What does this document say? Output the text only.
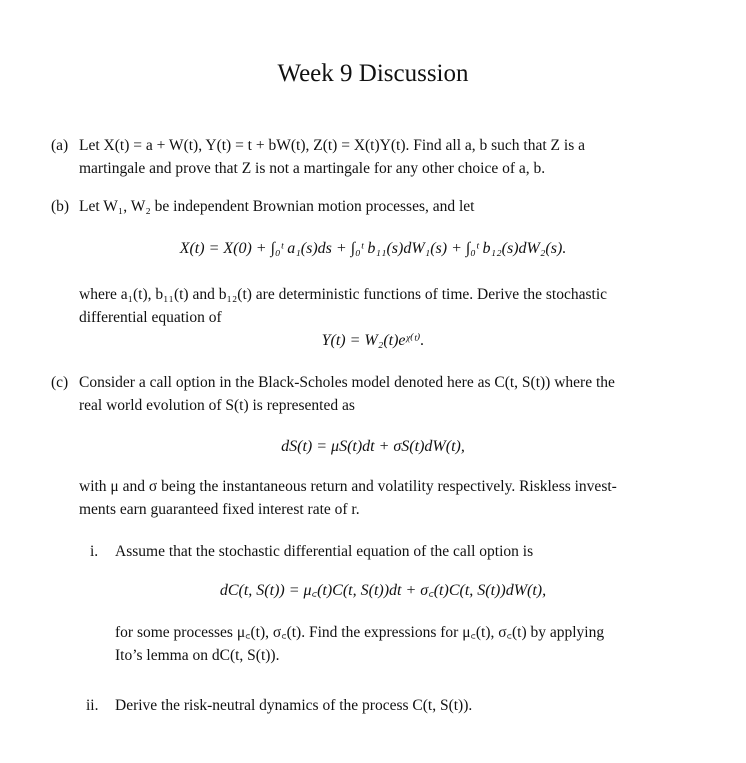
Week 9 Discussion
(a) Let X(t) = a + W(t), Y(t) = t + bW(t), Z(t) = X(t)Y(t). Find all a, b such that Z is a
martingale and prove that Z is not a martingale for any other choice of a, b.
(b) Let W₁, W₂ be independent Brownian motion processes, and let
X(t) = X(0) + ∫₀ᵗ a₁(s)ds + ∫₀ᵗ b₁₁(s)dW₁(s) + ∫₀ᵗ b₁₂(s)dW₂(s).
where a₁(t), b₁₁(t) and b₁₂(t) are deterministic functions of time. Derive the stochastic
differential equation of
Y(t) = W₂(t)eᵡ⁽ᵗ⁾.
(c) Consider a call option in the Black-Scholes model denoted here as C(t, S(t)) where the
real world evolution of S(t) is represented as
dS(t) = μS(t)dt + σS(t)dW(t),
with μ and σ being the instantaneous return and volatility respectively. Riskless invest-
ments earn guaranteed fixed interest rate of r.
i. Assume that the stochastic differential equation of the call option is
dC(t, S(t)) = μ꜀(t)C(t, S(t))dt + σ꜀(t)C(t, S(t))dW(t),
for some processes μ꜀(t), σ꜀(t). Find the expressions for μ꜀(t), σ꜀(t) by applying
Ito’s lemma on dC(t, S(t)).
ii. Derive the risk-neutral dynamics of the process C(t, S(t)).
